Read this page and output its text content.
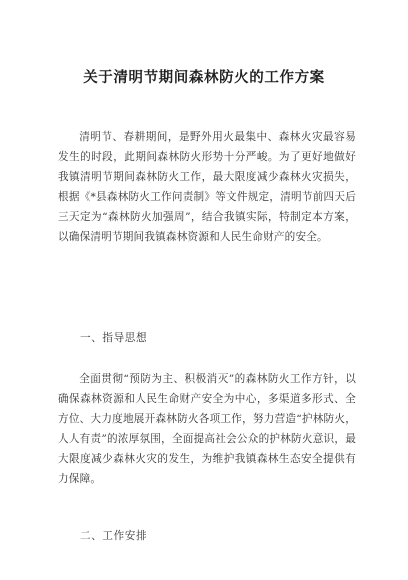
关于清明节期间森林防火的工作方案
清明节、春耕期间，是野外用火最集中、森林火灾最容易发生的时段，此期间森林防火形势十分严峻。为了更好地做好我镇清明节期间森林防火工作，最大限度减少森林火灾损失，根据《*县森林防火工作问责制》等文件规定，清明节前四天后三天定为“森林防火加强周”，结合我镇实际，特制定本方案，以确保清明节期间我镇森林资源和人民生命财产的安全。
一、指导思想
全面贯彻“预防为主、积极消灭”的森林防火工作方针，以确保森林资源和人民生命财产安全为中心，多渠道多形式、全方位、大力度地展开森林防火各项工作，努力营造“护林防火，人人有责”的浓厚氛围，全面提高社会公众的护林防火意识，最大限度减少森林火灾的发生，为维护我镇森林生态安全提供有力保障。
二、工作安排
